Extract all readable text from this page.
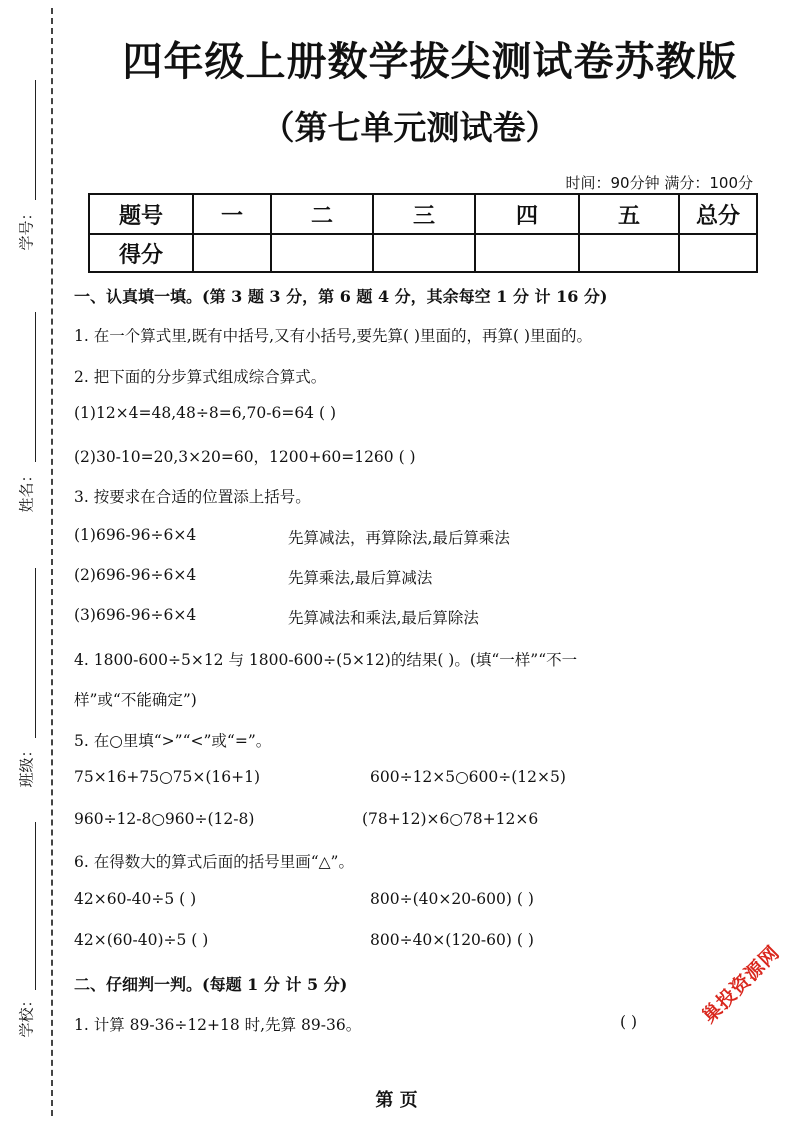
学号：
姓名：
班级：
学校：
四年级上册数学拔尖测试卷苏教版
（第七单元测试卷）
时间：90分钟 满分：100分
题号	一	二	三	四	五	总分
得分						
一、认真填一填。(第 3 题 3 分，第 6 题 4 分，其余每空 1 分 计 16 分)
1. 在一个算式里,既有中括号,又有小括号,要先算( )里面的，再算( )里面的。
2. 把下面的分步算式组成综合算式。
(1)12×4=48,48÷8=6,70-6=64 ( )
(2)30-10=20,3×20=60，1200+60=1260 ( )
3. 按要求在合适的位置添上括号。
(1)696-96÷6×4	先算减法，再算除法,最后算乘法
(2)696-96÷6×4	先算乘法,最后算减法
(3)696-96÷6×4	先算减法和乘法,最后算除法
4. 1800-600÷5×12 与 1800-600÷(5×12)的结果( )。(填“一样”“不一
样”或“不能确定”)
5. 在○里填“>”“<”或“=”。
75×16+75○75×(16+1)	600÷12×5○600÷(12×5)
960÷12-8○960÷(12-8)	(78+12)×6○78+12×6
6. 在得数大的算式后面的括号里画“△”。
42×60-40÷5 ( )	800÷(40×20-600) ( )
42×(60-40)÷5 ( )	800÷40×(120-60) ( )
二、仔细判一判。(每题 1 分 计 5 分)
1. 计算 89-36÷12+18 时,先算 89-36。	( )	巢投资源网
第 页
